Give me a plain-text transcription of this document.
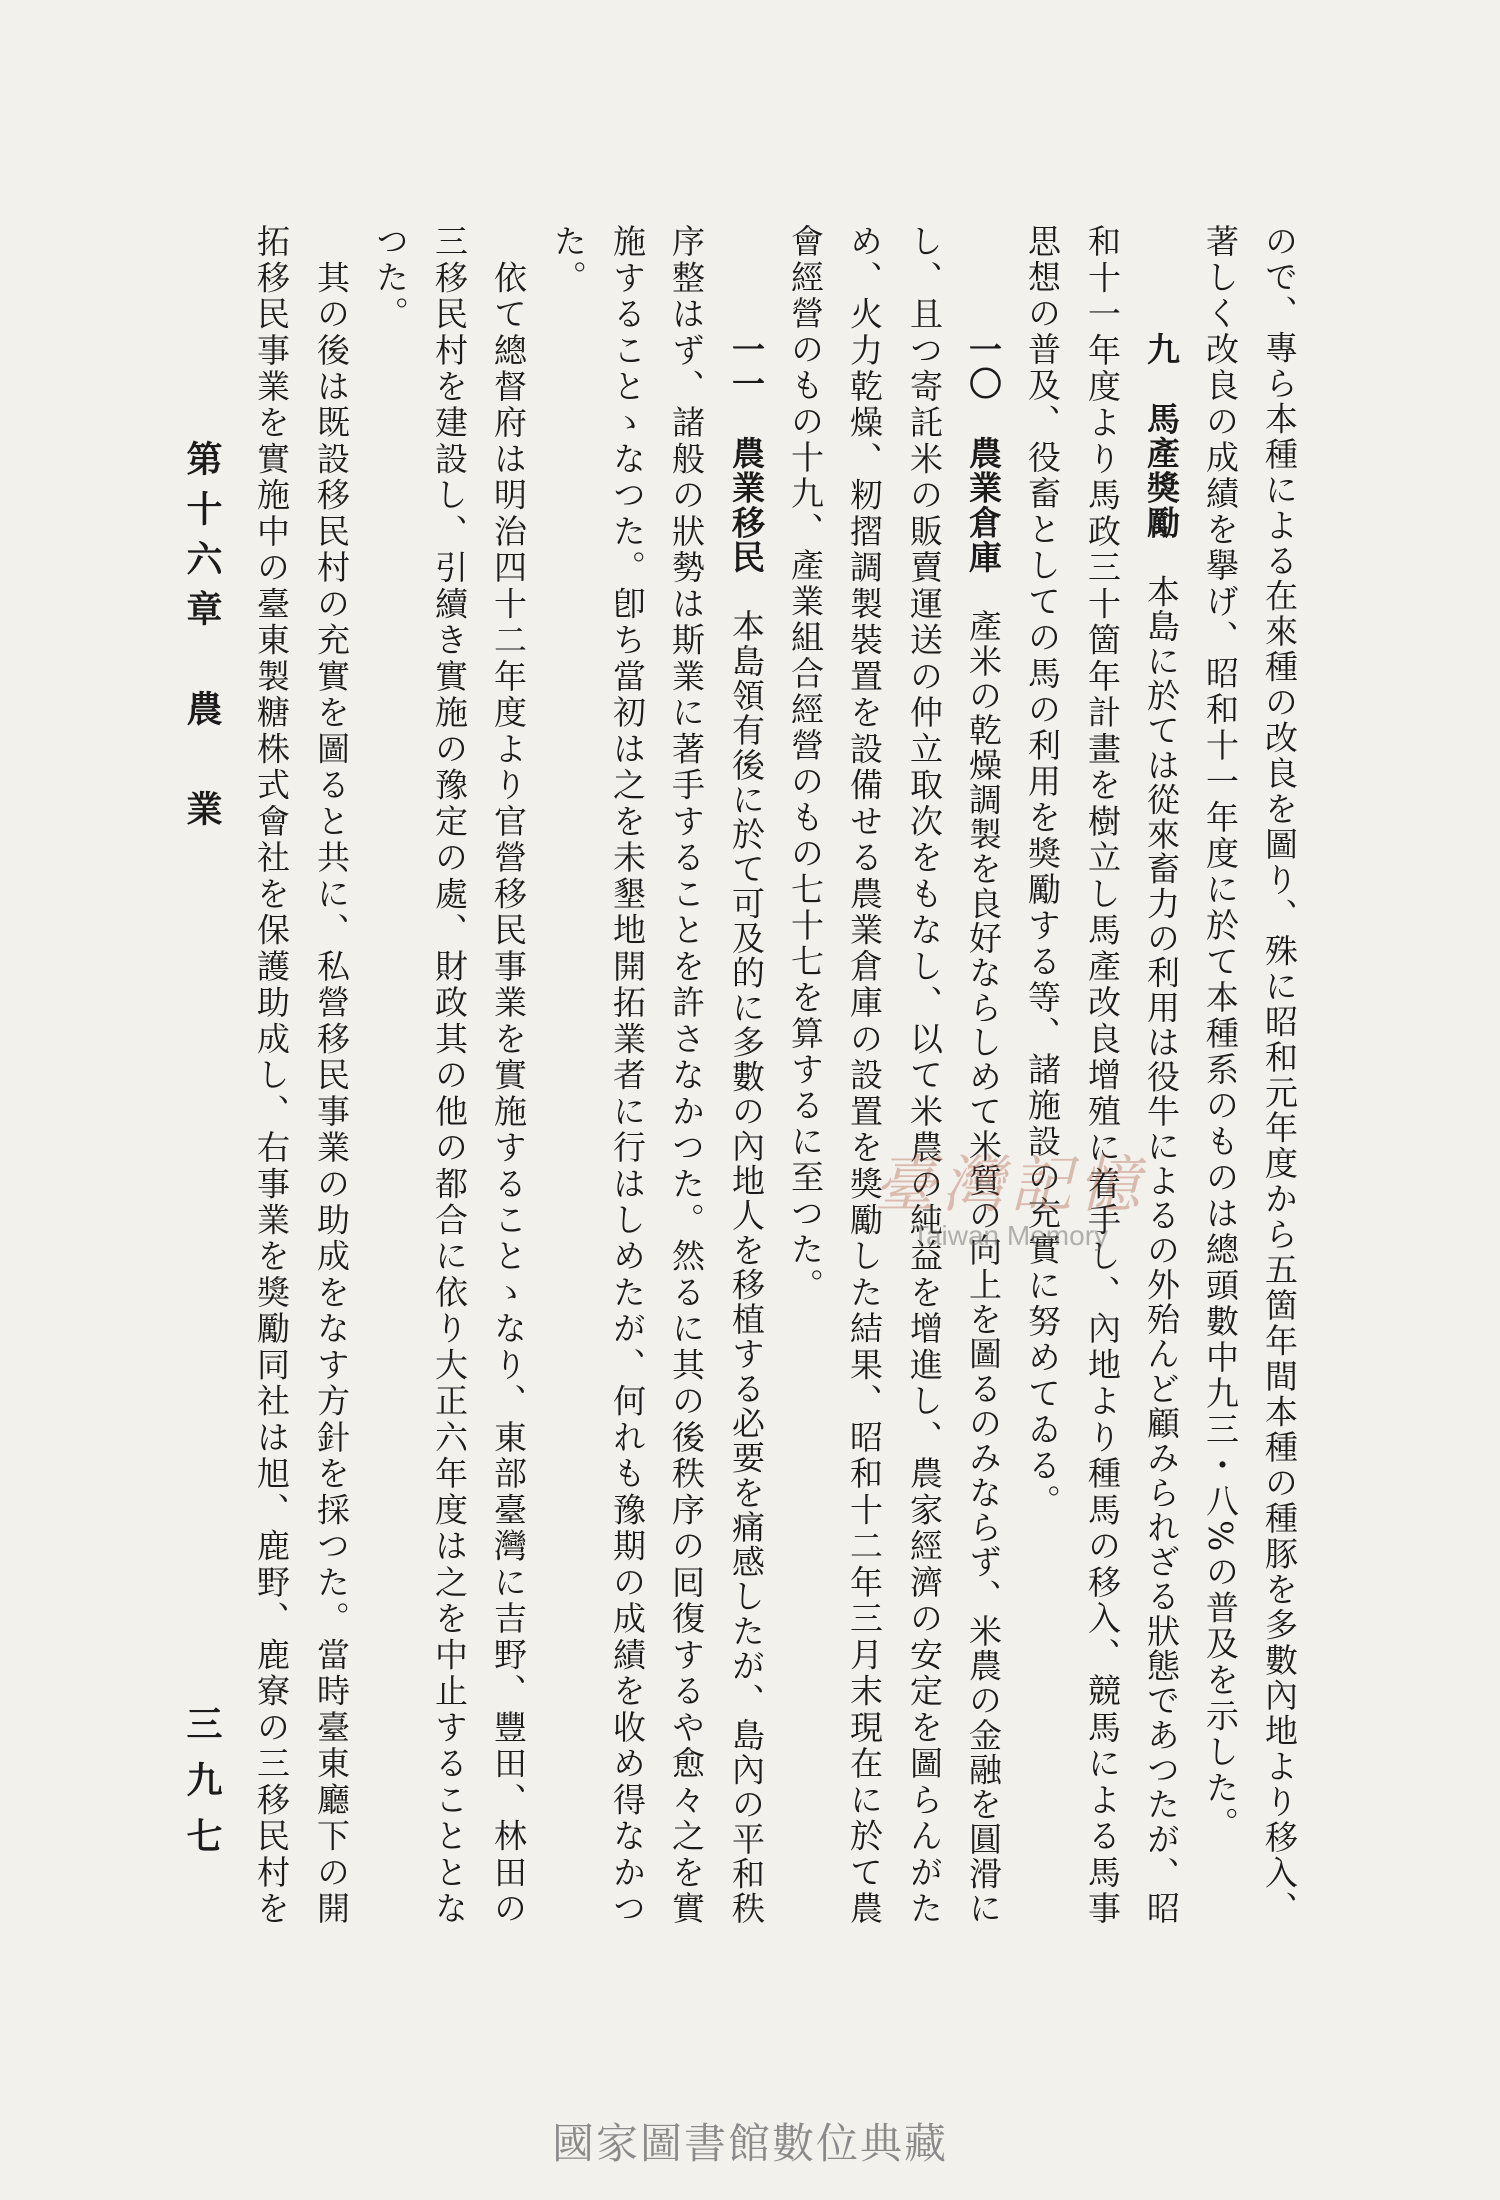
ので、專ら本種による在來種の改良を圖り、殊に昭和元年度から五箇年間本種の種豚を多數內地より移入、
著しく改良の成績を擧げ、昭和十一年度に於て本種系のものは總頭數中九三・八%の普及を示した。
九　馬產獎勵　本島に於ては從來畜力の利用は役牛によるの外殆んど顧みられざる狀態であつたが、昭
和十一年度より馬政三十箇年計畫を樹立し馬產改良增殖に着手し、內地より種馬の移入、競馬による馬事
思想の普及、役畜としての馬の利用を獎勵する等、諸施設の充實に努めてゐる。
一〇　農業倉庫　產米の乾燥調製を良好ならしめて米質の向上を圖るのみならず、米農の金融を圓滑に
し、且つ寄託米の販賣運送の仲立取次をもなし、以て米農の純益を增進し、農家經濟の安定を圖らんがた
め、火力乾燥、籾摺調製裝置を設備せる農業倉庫の設置を獎勵した結果、昭和十二年三月末現在に於て農
會經營のもの十九、產業組合經營のもの七十七を算するに至つた。
一一　農業移民　本島領有後に於て可及的に多數の內地人を移植する必要を痛感したが、島內の平和秩
序整はず、諸般の狀勢は斯業に著手することを許さなかつた。然るに其の後秩序の囘復するや愈々之を實
施することゝなつた。卽ち當初は之を未墾地開拓業者に行はしめたが、何れも豫期の成績を收め得なかつ
た。
　依て總督府は明治四十二年度より官營移民事業を實施することゝなり、東部臺灣に吉野、豐田、林田の
三移民村を建設し、引續き實施の豫定の處、財政其の他の都合に依り大正六年度は之を中止することとな
つた。
　其の後は既設移民村の充實を圖ると共に、私營移民事業の助成をなす方針を採つた。當時臺東廳下の開
拓移民事業を實施中の臺東製糖株式會社を保護助成し、右事業を獎勵同社は旭、鹿野、鹿寮の三移民村を
第十六章　農　業
三九七
臺灣記憶
Taiwan Memory
國家圖書館數位典藏
